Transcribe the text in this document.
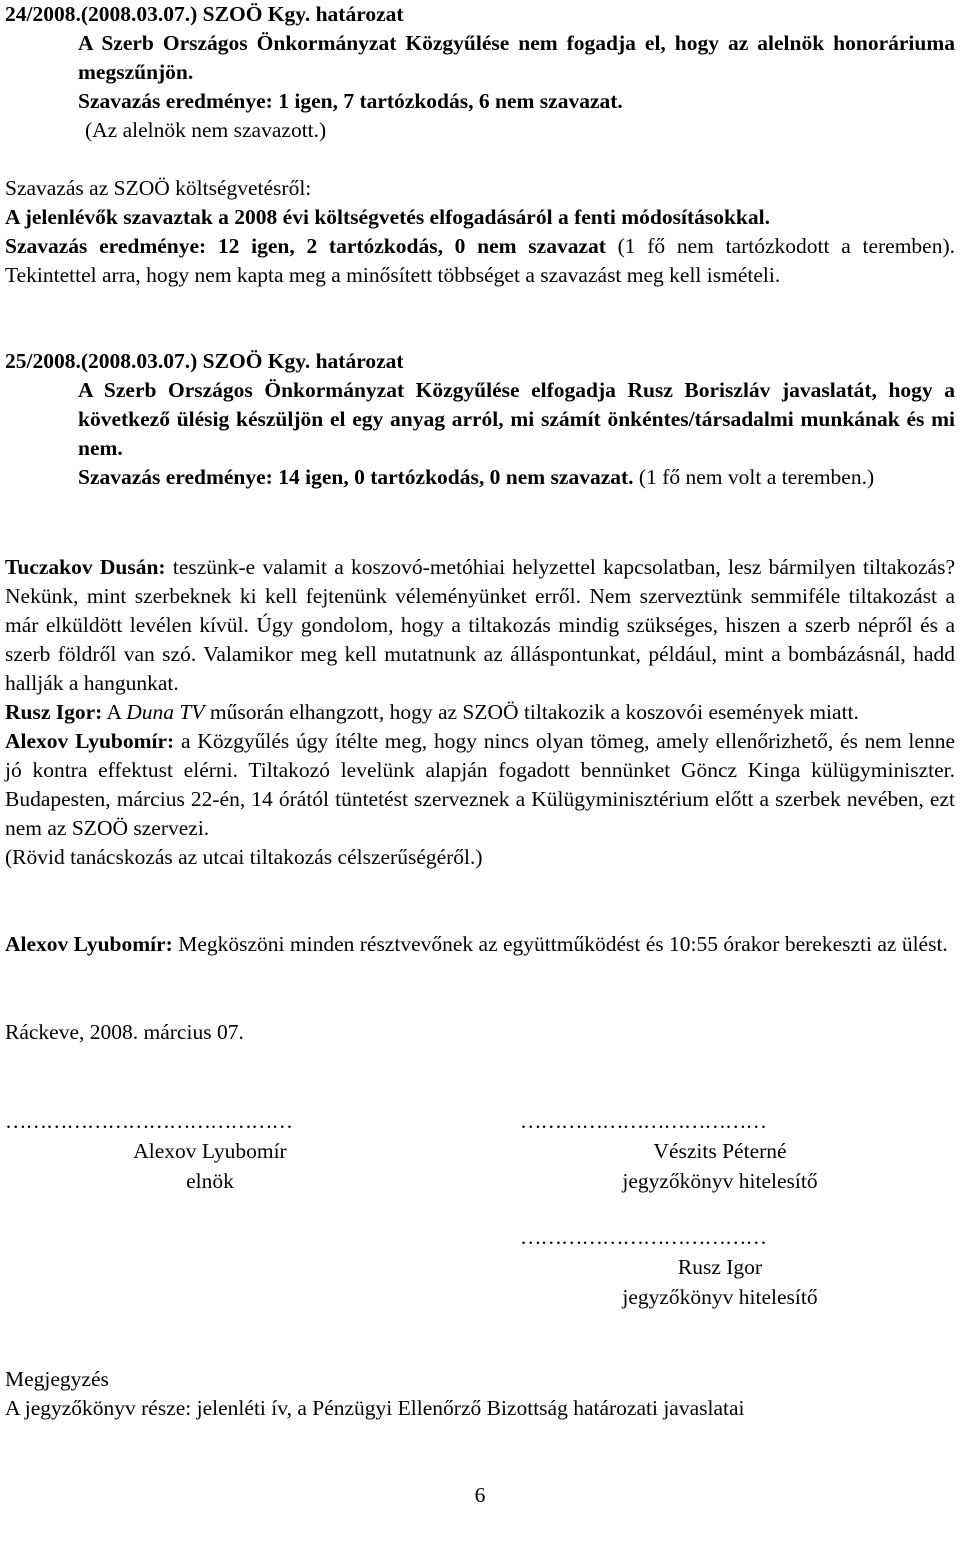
24/2008.(2008.03.07.) SZOÖ Kgy. határozat
A Szerb Országos Önkormányzat Közgyűlése nem fogadja el, hogy az alelnök honoráriuma megszűnjön.
Szavazás eredménye: 1 igen, 7 tartózkodás, 6 nem szavazat.
(Az alelnök nem szavazott.)
Szavazás az SZOÖ költségvetésről:
A jelenlévők szavaztak a 2008 évi költségvetés elfogadásáról a fenti módosításokkal.
Szavazás eredménye: 12 igen, 2 tartózkodás, 0 nem szavazat (1 fő nem tartózkodott a teremben). Tekintettel arra, hogy nem kapta meg a minősített többséget a szavazást meg kell ismételi.
25/2008.(2008.03.07.) SZOÖ Kgy. határozat
A Szerb Országos Önkormányzat Közgyűlése elfogadja Rusz Boriszláv javaslatát, hogy a következő ülésig készüljön el egy anyag arról, mi számít önkéntes/társadalmi munkának és mi nem.
Szavazás eredménye: 14 igen, 0 tartózkodás, 0 nem szavazat. (1 fő nem volt a teremben.)
Tuczakov Dusán: teszünk-e valamit a koszovó-metóhiai helyzettel kapcsolatban, lesz bármilyen tiltakozás? Nekünk, mint szerbeknek ki kell fejtenünk véleményünket erről. Nem szerveztünk semmiféle tiltakozást a már elküldött levélen kívül. Úgy gondolom, hogy a tiltakozás mindig szükséges, hiszen a szerb népről és a szerb földről van szó. Valamikor meg kell mutatnunk az álláspontunkat, például, mint a bombázásnál, hadd hallják a hangunkat.
Rusz Igor: A Duna TV műsorán elhangzott, hogy az SZOÖ tiltakozik a koszovói események miatt.
Alexov Lyubomír: a Közgyűlés úgy ítélte meg, hogy nincs olyan tömeg, amely ellenőrizhető, és nem lenne jó kontra effektust elérni. Tiltakozó levelünk alapján fogadott bennünket Göncz Kinga külügyminiszter. Budapesten, március 22-én, 14 órától tüntetést szerveznek a Külügyminisztérium előtt a szerbek nevében, ezt nem az SZOÖ szervezi.
(Rövid tanácskozás az utcai tiltakozás célszerűségéről.)
Alexov Lyubomír: Megköszöni minden résztvevőnek az együttműködést és 10:55 órakor berekeszti az ülést.
Ráckeve, 2008. március 07.
……………………………………
Alexov Lyubomír
elnök
………………………………
Vészits Péterné
jegyzőkönyv hitelesítő
………………………………
Rusz Igor
jegyzőkönyv hitelesítő
Megjegyzés
A jegyzőkönyv része: jelenléti ív, a Pénzügyi Ellenőrző Bizottság határozati javaslatai
6
